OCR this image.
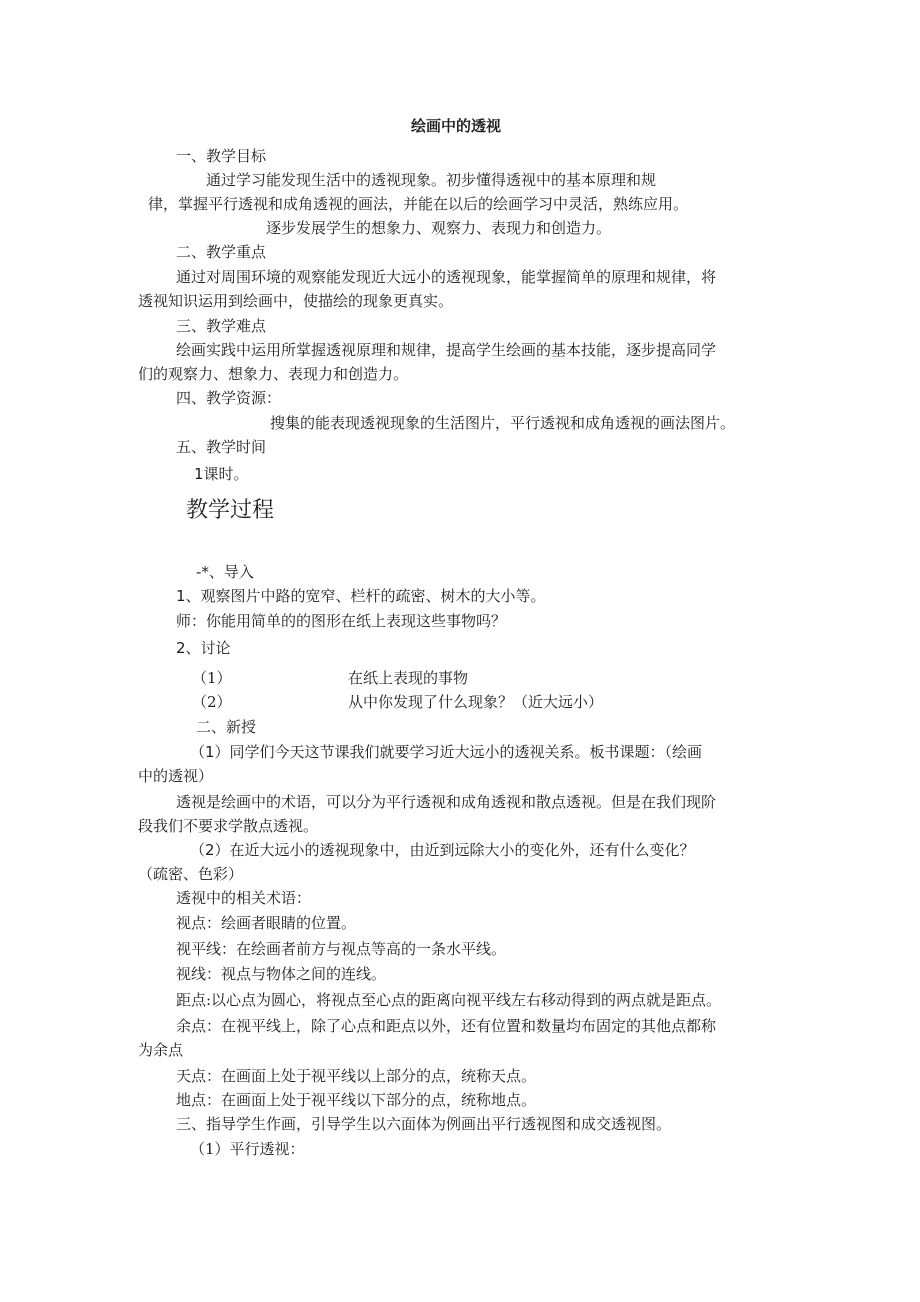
绘画中的透视
一、教学目标
通过学习能发现生活中的透视现象。初步懂得透视中的基本原理和规
律，掌握平行透视和成角透视的画法，并能在以后的绘画学习中灵活，熟练应用。
逐步发展学生的想象力、观察力、表现力和创造力。
二、教学重点
通过对周围环境的观察能发现近大远小的透视现象，能掌握简单的原理和规律，将
透视知识运用到绘画中，使描绘的现象更真实。
三、教学难点
绘画实践中运用所掌握透视原理和规律，提高学生绘画的基本技能，逐步提高同学
们的观察力、想象力、表现力和创造力。
四、教学资源：
搜集的能表现透视现象的生活图片，平行透视和成角透视的画法图片。
五、教学时间
1课时。
教学过程
-*、导入
1、观察图片中路的宽窄、栏杆的疏密、树木的大小等。
师：你能用简单的的图形在纸上表现这些事物吗？
2、讨论
（1）	在纸上表现的事物
（2）	从中你发现了什么现象？（近大远小）
二、新授
（1）同学们今天这节课我们就要学习近大远小的透视关系。板书课题：（绘画
中的透视）
透视是绘画中的术语，可以分为平行透视和成角透视和散点透视。但是在我们现阶
段我们不要求学散点透视。
（2）在近大远小的透视现象中，由近到远除大小的变化外，还有什么变化？
（疏密、色彩）
透视中的相关术语：
视点：绘画者眼睛的位置。
视平线：在绘画者前方与视点等高的一条水平线。
视线：视点与物体之间的连线。
距点:以心点为圆心，将视点至心点的距离向视平线左右移动得到的两点就是距点。
余点：在视平线上，除了心点和距点以外，还有位置和数量均布固定的其他点都称
为余点
天点：在画面上处于视平线以上部分的点，统称天点。
地点：在画面上处于视平线以下部分的点，统称地点。
三、指导学生作画，引导学生以六面体为例画出平行透视图和成交透视图。
（1）平行透视：
